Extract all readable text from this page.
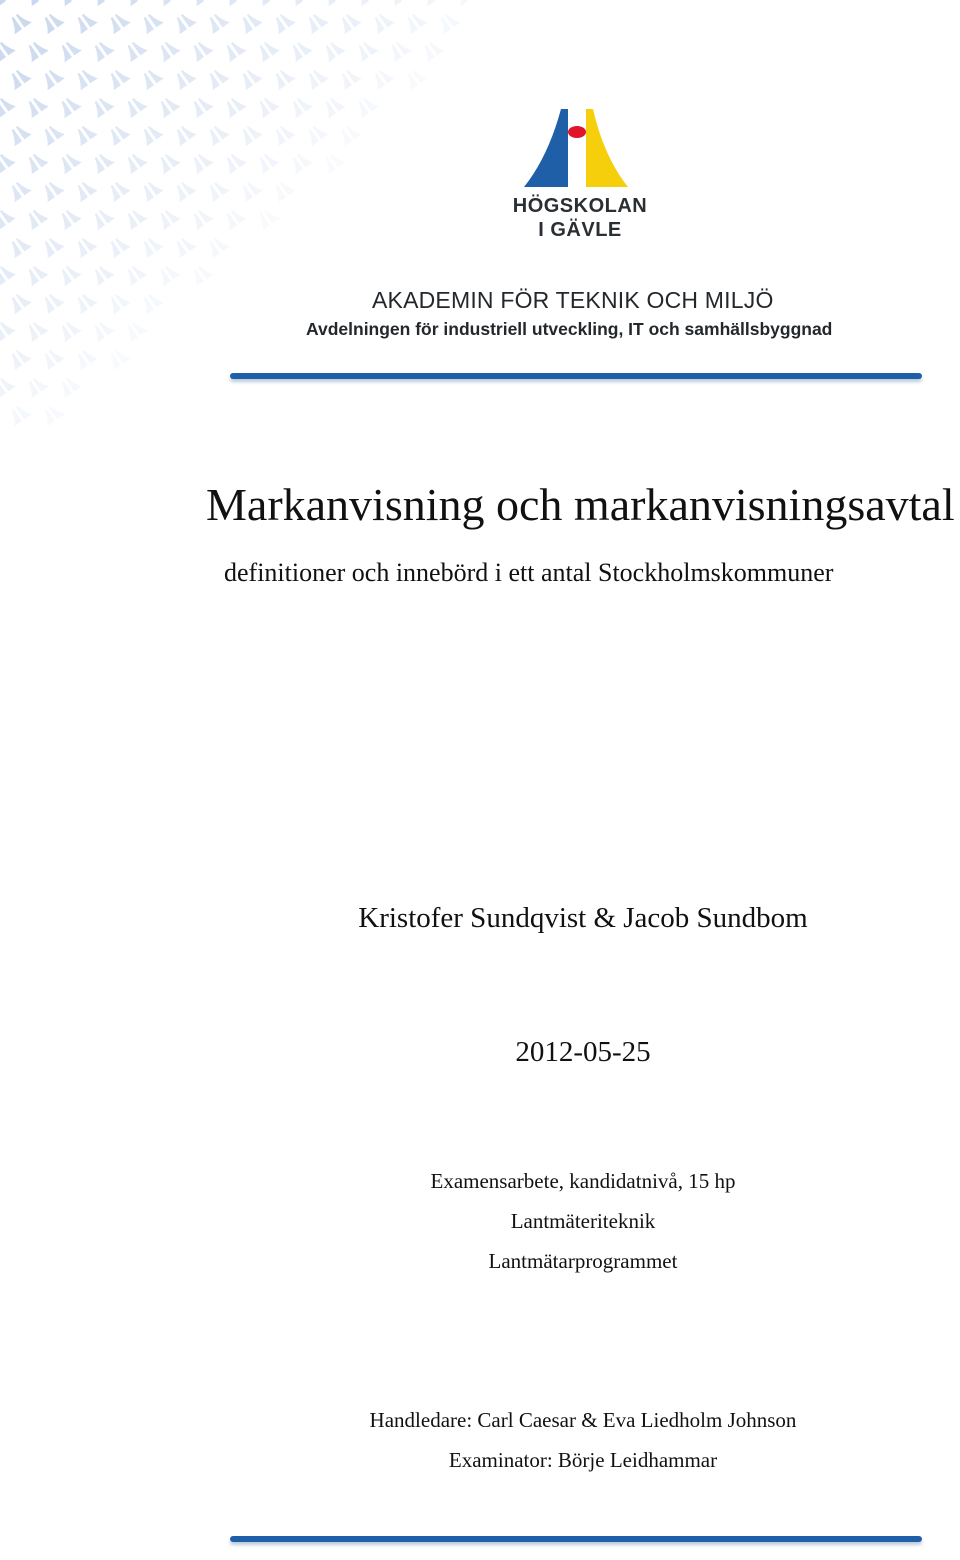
HÖGSKOLAN
I GÄVLE
AKADEMIN FÖR TEKNIK OCH MILJÖ
Avdelningen för industriell utveckling, IT och samhällsbyggnad
Markanvisning och markanvisningsavtal
definitioner och innebörd i ett antal Stockholmskommuner
Kristofer Sundqvist & Jacob Sundbom
2012-05-25
Examensarbete, kandidatnivå, 15 hp
Lantmäteriteknik
Lantmätarprogrammet
Handledare: Carl Caesar & Eva Liedholm Johnson
Examinator: Börje Leidhammar
